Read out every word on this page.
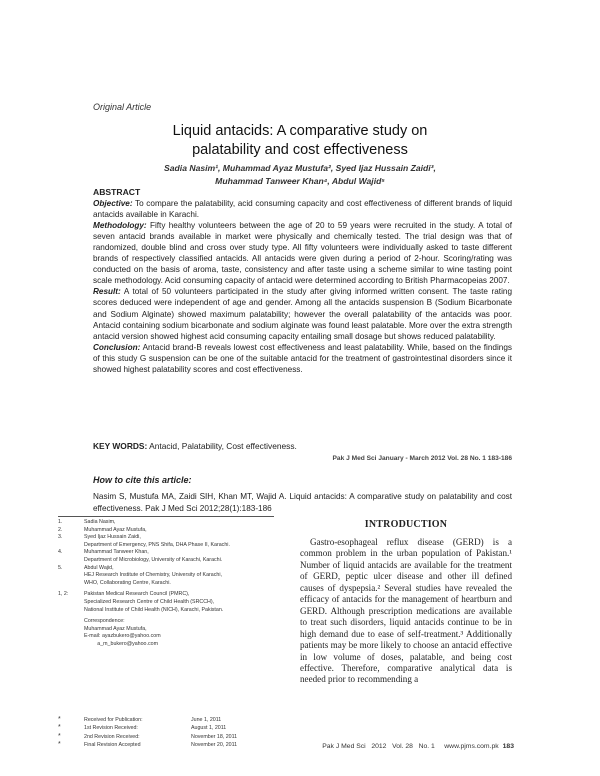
Original Article
Liquid antacids: A comparative study on
palatability and cost effectiveness
Sadia Nasim¹, Muhammad Ayaz Mustufa², Syed Ijaz Hussain Zaidi³,
Muhammad Tanweer Khan⁴, Abdul Wajid⁵

ABSTRACT

Objective: To compare the palatability, acid consuming capacity and cost effectiveness of different brands of liquid antacids available in Karachi.

Methodology: Fifty healthy volunteers between the age of 20 to 59 years were recruited in the study. A total of seven antacid brands available in market were physically and chemically tested. The trial design was that of randomized, double blind and cross over study type. All fifty volunteers were individually asked to taste different brands of respectively classified antacids. All antacids were given during a period of 2-hour. Scoring/rating was conducted on the basis of aroma, taste, consistency and after taste using a scheme similar to wine tasting point scale methodology. Acid consuming capacity of antacid were determined according to British Pharmacopeias 2007.

Result: A total of 50 volunteers participated in the study after giving informed written consent. The taste rating scores deduced were independent of age and gender. Among all the antacids suspension B (Sodium Bicarbonate and Sodium Alginate) showed maximum palatability; however the overall palatability of the antacids was poor. Antacid containing sodium bicarbonate and sodium alginate was found least palatable. More over the extra strength antacid version showed highest acid consuming capacity entailing small dosage but shows reduced palatability.

Conclusion: Antacid brand-B reveals lowest cost effectiveness and least palatability. While, based on the findings of this study G suspension can be one of the suitable antacid for the treatment of gastrointestinal disorders since it showed highest palatability scores and cost effectiveness.

KEY WORDS: Antacid, Palatability, Cost effectiveness.
Pak J Med Sci January - March 2012 Vol. 28 No. 1 183-186
How to cite this article:
Nasim S, Mustufa MA, Zaidi SIH, Khan MT, Wajid A. Liquid antacids: A comparative study on palatability and cost effectiveness. Pak J Med Sci 2012;28(1):183-186
1.	Sadia Nasim,
2.	Muhammad Ayaz Mustufa,
3.	Syed Ijaz Hussain Zaidi,
Department of Emergency, PNS Shifa, DHA Phase II, Karachi.
4.	Muhammad Tanweer Khan,
Department of Microbiology, University of Karachi, Karachi.
5.	Abdul Wajid,
HEJ Research Institute of Chemistry, University of Karachi,
WHO, Collaborating Centre, Karachi.
1, 2:	Pakistan Medical Research Council (PMRC),
Specialized Research Centre of Child Health (SRCCH),
National Institute of Child Health (NICH), Karachi, Pakistan.
Correspondence:
Muhammad Ayaz Mustufa,
E-mail: ayazbukero@yahoo.com
a_m_bukero@yahoo.com
*	Received for Publication:	June 1, 2011
*	1st Revision Received:	August 1, 2011
*	2nd Revision Received:	November 18, 2011
*	Final Revision Accepted	November 20, 2011
INTRODUCTION

Gastro-esophageal reflux disease (GERD) is a common problem in the urban population of Pakistan.¹ Number of liquid antacids are available for the treatment of GERD, peptic ulcer disease and other ill defined causes of dyspepsia.² Several studies have revealed the efficacy of antacids for the management of heartburn and GERD. Although prescription medications are available to treat such disorders, liquid antacids continue to be in high demand due to ease of self-treatment.³ Additionally patients may be more likely to choose an antacid effective in low volume of doses, palatable, and being cost effective. Therefore, comparative analytical data is needed prior to recommending a

Pak J Med Sci   2012   Vol. 28   No. 1     www.pjms.com.pk 183
